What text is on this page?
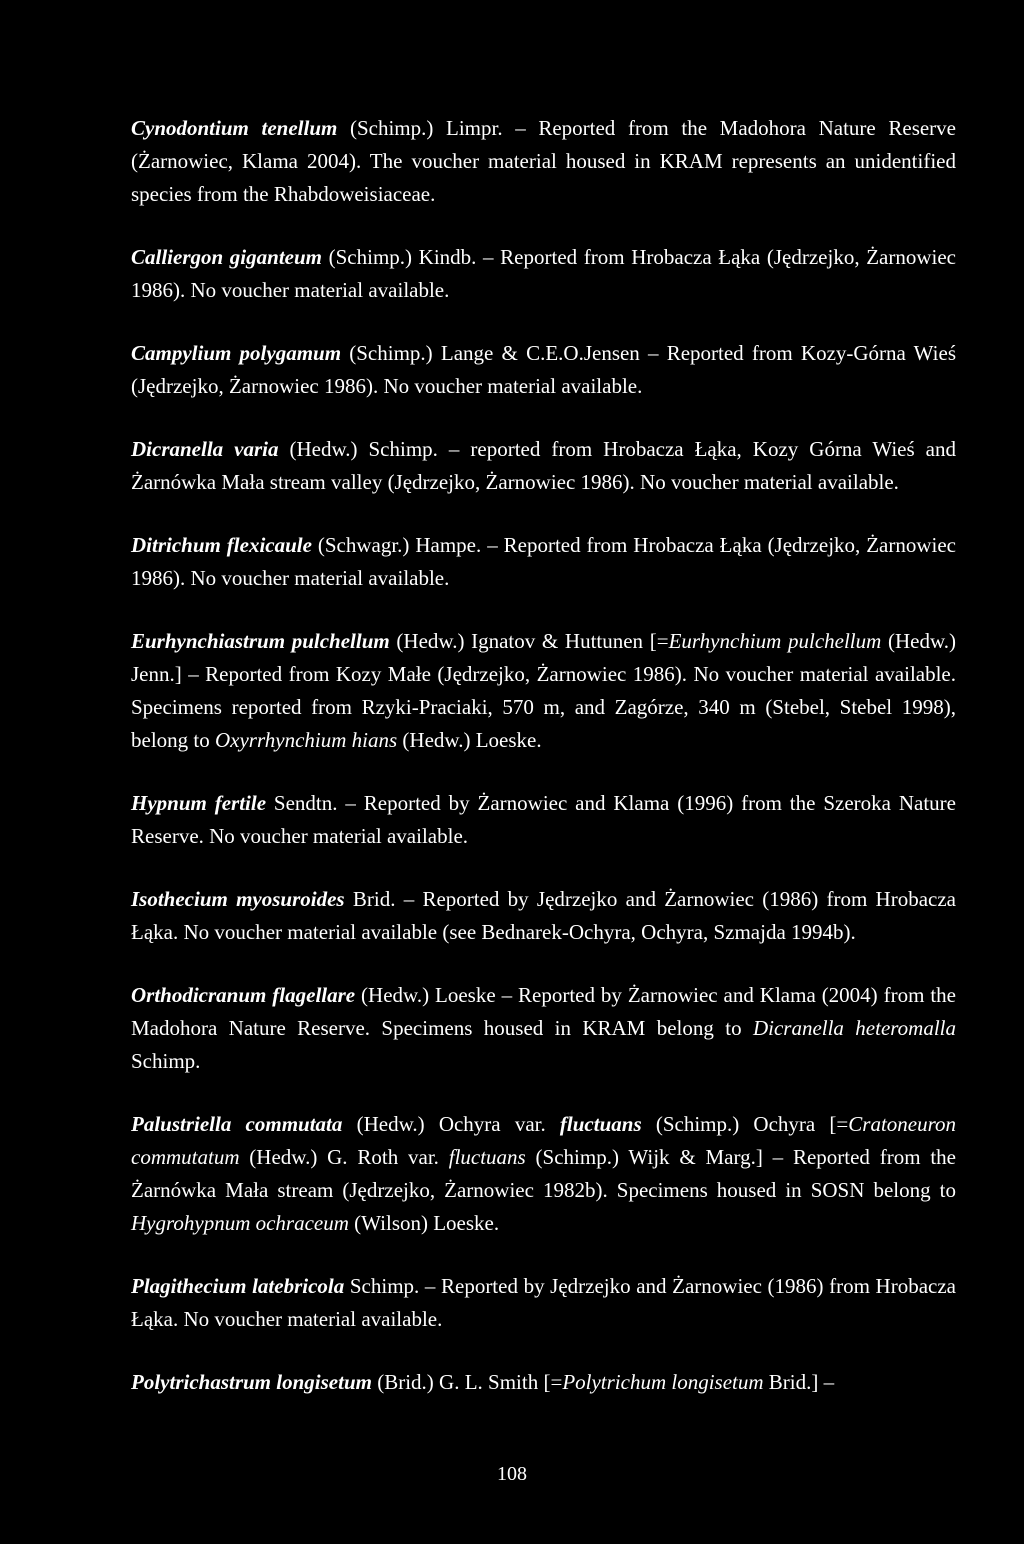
Cynodontium tenellum (Schimp.) Limpr. – Reported from the Madohora Nature Reserve (Żarnowiec, Klama 2004). The voucher material housed in KRAM represents an unidentified species from the Rhabdoweisiaceae.

Calliergon giganteum (Schimp.) Kindb. – Reported from Hrobacza Łąka (Jędrzejko, Żarnowiec 1986). No voucher material available.

Campylium polygamum (Schimp.) Lange & C.E.O.Jensen – Reported from Kozy-Górna Wieś (Jędrzejko, Żarnowiec 1986). No voucher material available.

Dicranella varia (Hedw.) Schimp. – reported from Hrobacza Łąka, Kozy Górna Wieś and Żarnówka Mała stream valley (Jędrzejko, Żarnowiec 1986). No voucher material available.

Ditrichum flexicaule (Schwagr.) Hampe. – Reported from Hrobacza Łąka (Jędrzejko, Żarnowiec 1986). No voucher material available.

Eurhynchiastrum pulchellum (Hedw.) Ignatov & Huttunen [=Eurhynchium pulchellum (Hedw.) Jenn.] – Reported from Kozy Małe (Jędrzejko, Żarnowiec 1986). No voucher material available. Specimens reported from Rzyki-Praciaki, 570 m, and Zagórze, 340 m (Stebel, Stebel 1998), belong to Oxyrrhynchium hians (Hedw.) Loeske.

Hypnum fertile Sendtn. – Reported by Żarnowiec and Klama (1996) from the Szeroka Nature Reserve. No voucher material available.

Isothecium myosuroides Brid. – Reported by Jędrzejko and Żarnowiec (1986) from Hrobacza Łąka. No voucher material available (see Bednarek-Ochyra, Ochyra, Szmajda 1994b).

Orthodicranum flagellare (Hedw.) Loeske – Reported by Żarnowiec and Klama (2004) from the Madohora Nature Reserve. Specimens housed in KRAM belong to Dicranella heteromalla Schimp.

Palustriella commutata (Hedw.) Ochyra var. fluctuans (Schimp.) Ochyra [=Cratoneuron commutatum (Hedw.) G. Roth var. fluctuans (Schimp.) Wijk & Marg.] – Reported from the Żarnówka Mała stream (Jędrzejko, Żarnowiec 1982b). Specimens housed in SOSN belong to Hygrohypnum ochraceum (Wilson) Loeske.

Plagithecium latebricola Schimp. – Reported by Jędrzejko and Żarnowiec (1986) from Hrobacza Łąka. No voucher material available.

Polytrichastrum longisetum (Brid.) G. L. Smith [=Polytrichum longisetum Brid.] –

108
